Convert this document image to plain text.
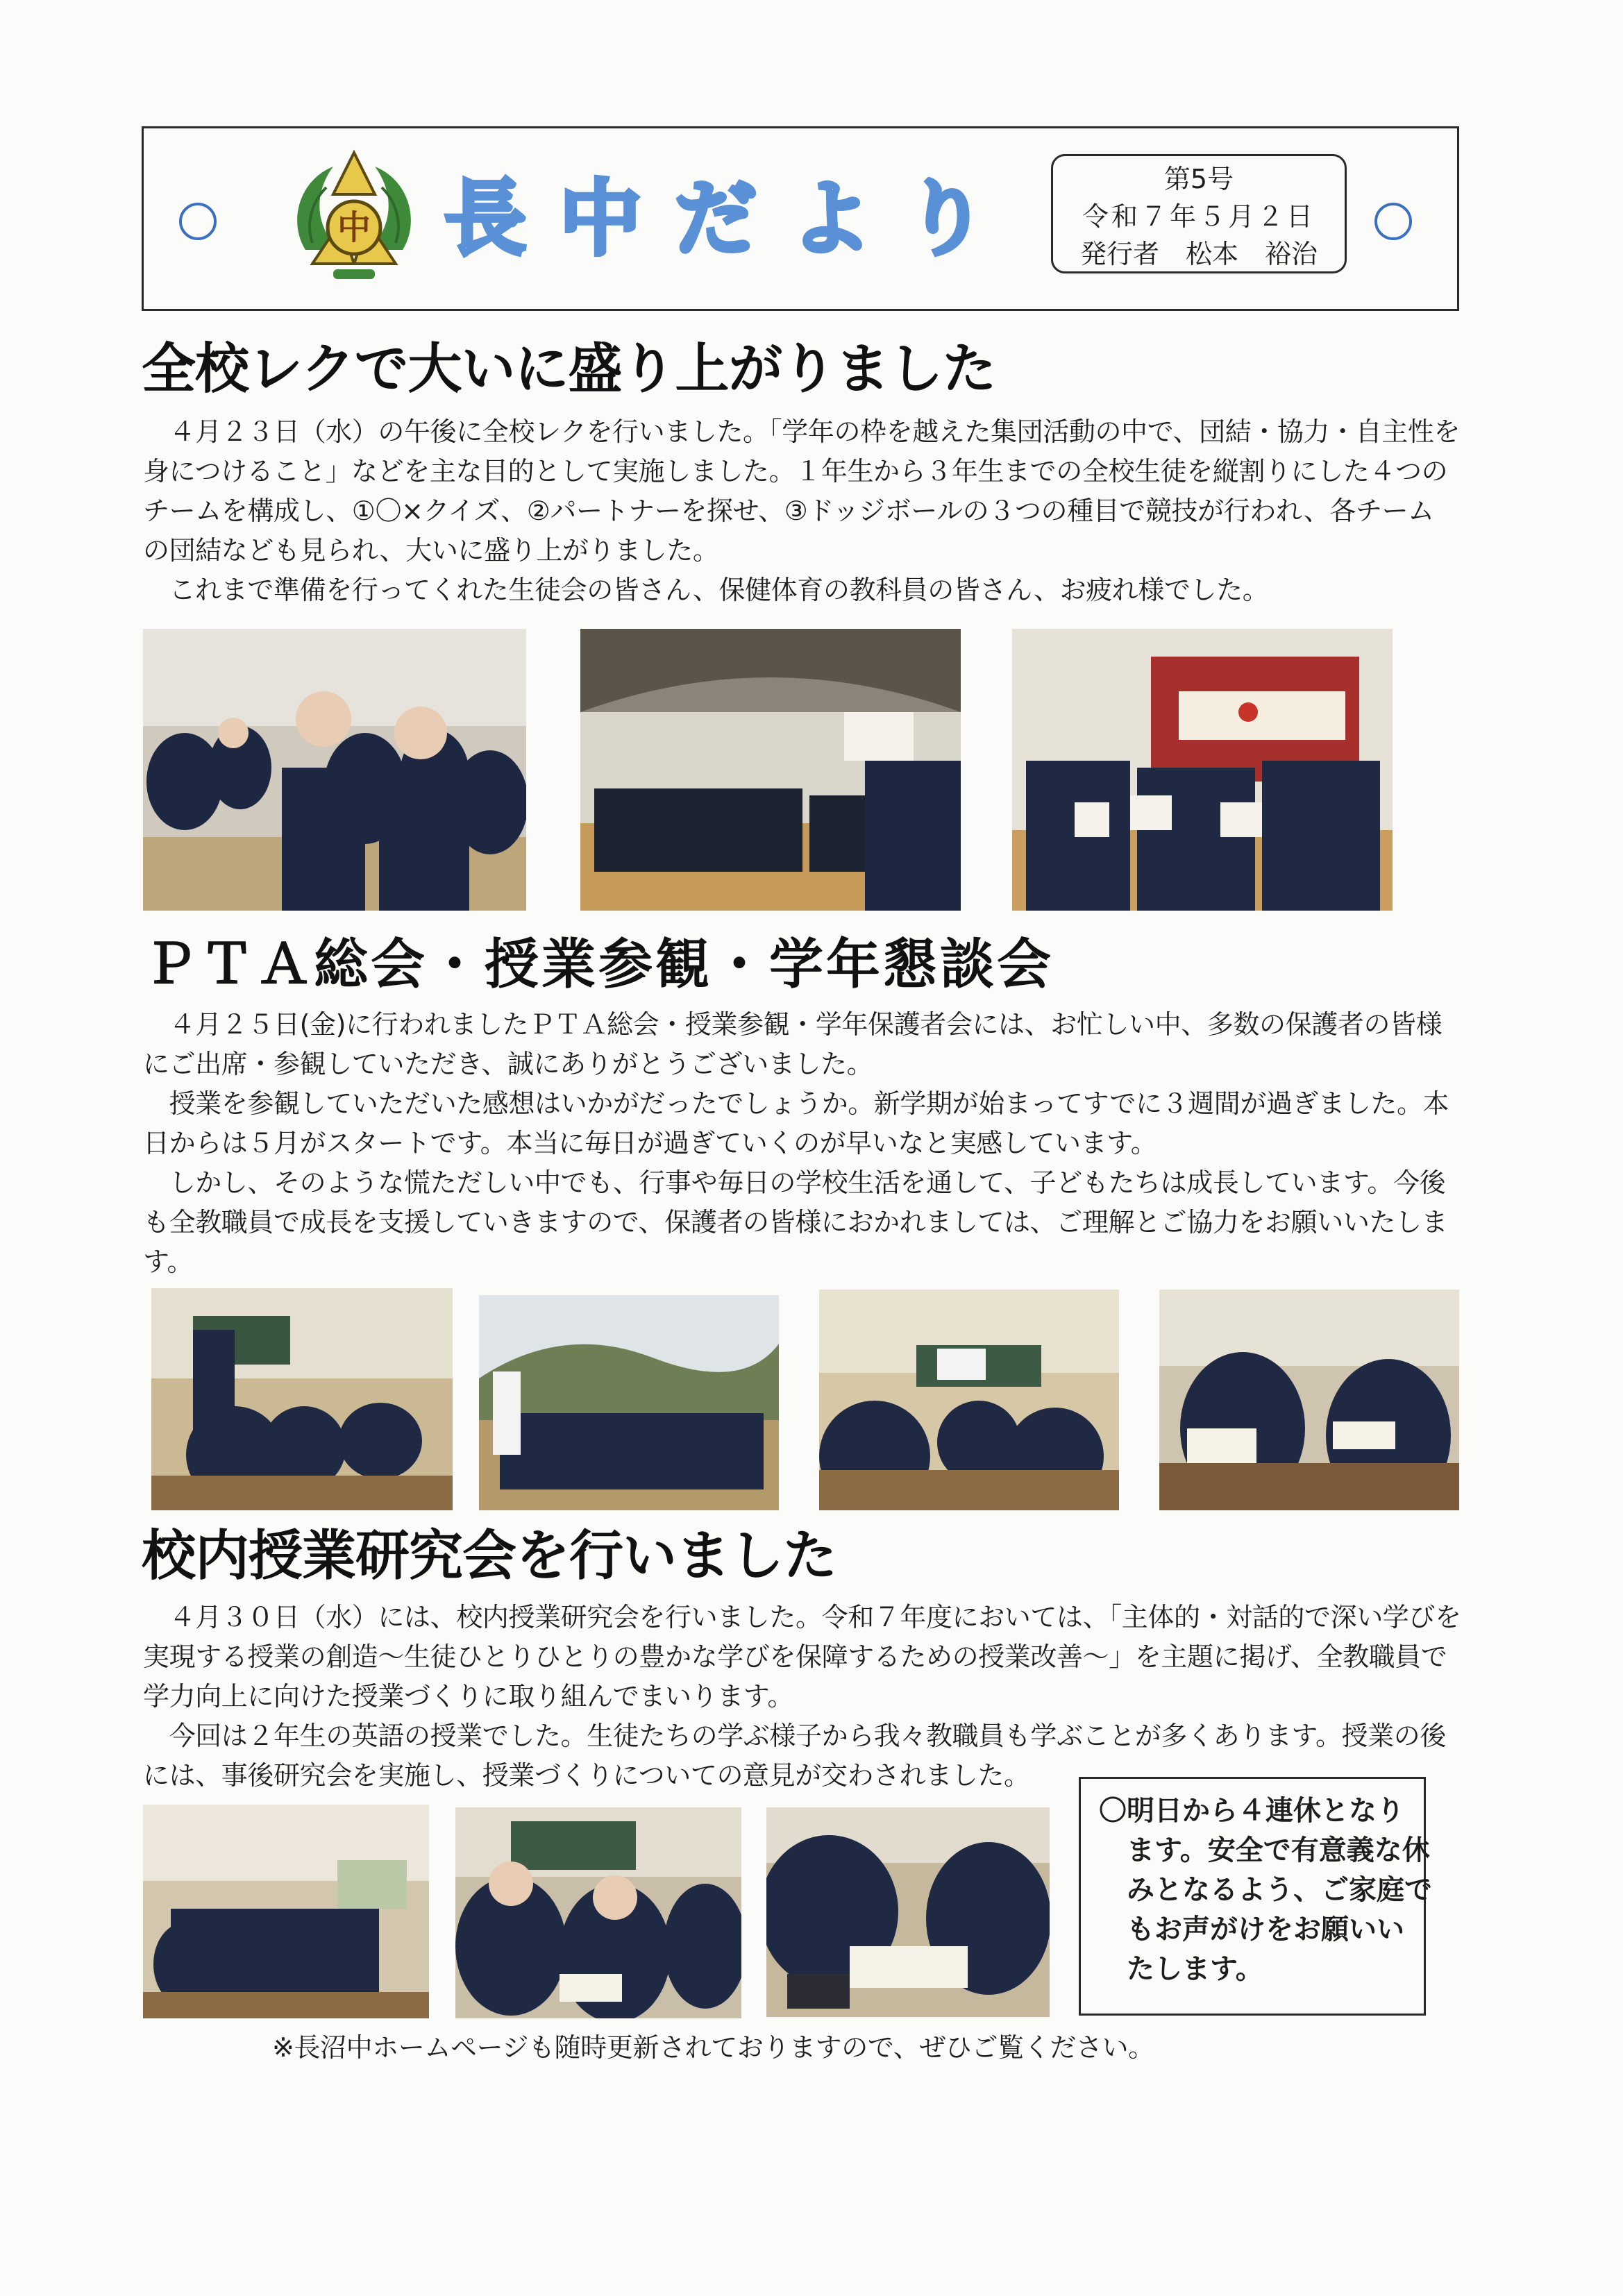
中 長中だより	第5号
令和７年５月２日
発行者　松本　裕治
全校レクで大いに盛り上がりました
　４月２３日（水）の午後に全校レクを行いました。「学年の枠を越えた集団活動の中で、団結・協力・自主性を
身につけること」などを主な目的として実施しました。１年生から３年生までの全校生徒を縦割りにした４つの
チームを構成し、①〇×クイズ、②パートナーを探せ、③ドッジボールの３つの種目で競技が行われ、各チーム
の団結なども見られ、大いに盛り上がりました。
　これまで準備を行ってくれた生徒会の皆さん、保健体育の教科員の皆さん、お疲れ様でした。
ＰＴＡ総会・授業参観・学年懇談会
　４月２５日(金)に行われましたＰＴＡ総会・授業参観・学年保護者会には、お忙しい中、多数の保護者の皆様
にご出席・参観していただき、誠にありがとうございました。
　授業を参観していただいた感想はいかがだったでしょうか。新学期が始まってすでに３週間が過ぎました。本
日からは５月がスタートです。本当に毎日が過ぎていくのが早いなと実感しています。
　しかし、そのような慌ただしい中でも、行事や毎日の学校生活を通して、子どもたちは成長しています。今後
も全教職員で成長を支援していきますので、保護者の皆様におかれましては、ご理解とご協力をお願いいたしま
す。
校内授業研究会を行いました
　４月３０日（水）には、校内授業研究会を行いました。令和７年度においては、「主体的・対話的で深い学びを
実現する授業の創造～生徒ひとりひとりの豊かな学びを保障するための授業改善～」を主題に掲げ、全教職員で
学力向上に向けた授業づくりに取り組んでまいります。
　今回は２年生の英語の授業でした。生徒たちの学ぶ様子から我々教職員も学ぶことが多くあります。授業の後
には、事後研究会を実施し、授業づくりについての意見が交わされました。
〇明日から４連休となり
　ます。安全で有意義な休
　みとなるよう、ご家庭で
　もお声がけをお願いい
　たします。
※長沼中ホームページも随時更新されておりますので、ぜひご覧ください。
